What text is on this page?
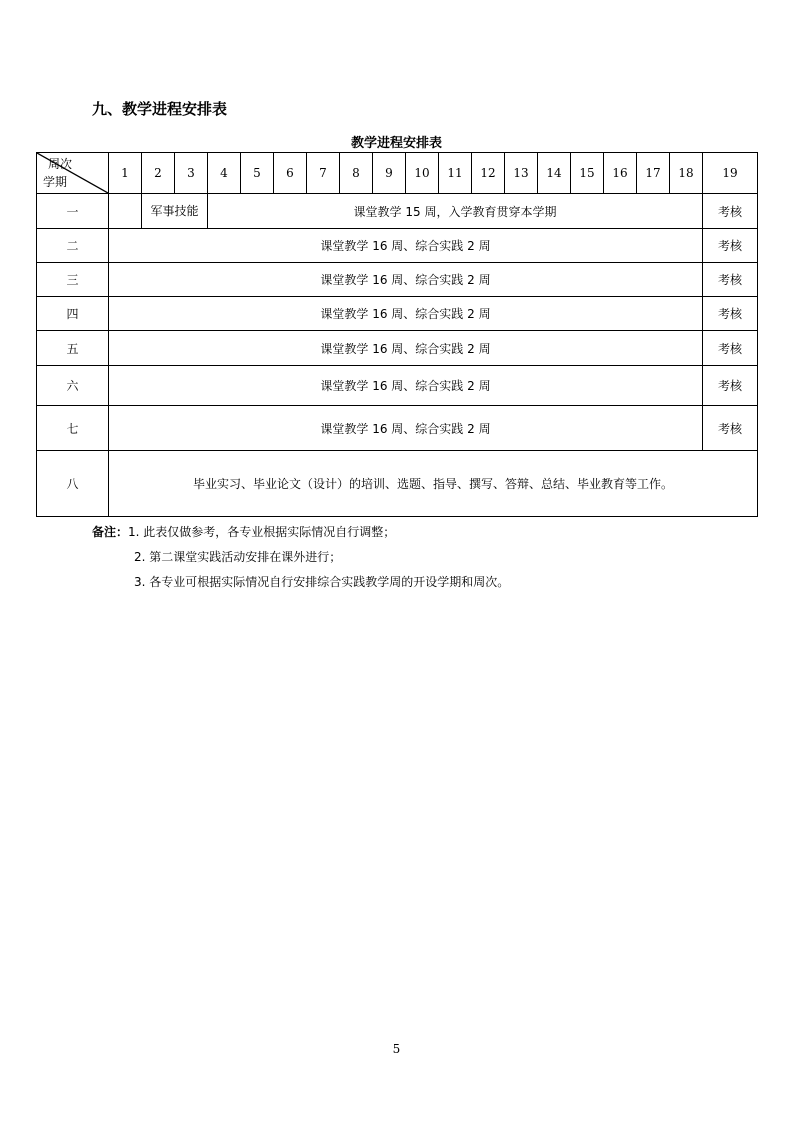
九、教学进程安排表
教学进程安排表
周次
学期	1	2	3	4	5	6	7	8	9	10	11	12	13	14	15	16	17	18	19
一		军事技能		课堂教学 15 周，入学教育贯穿本学期															考核
二	课堂教学 16 周、综合实践 2 周																		考核
三	课堂教学 16 周、综合实践 2 周																		考核
四	课堂教学 16 周、综合实践 2 周																		考核
五	课堂教学 16 周、综合实践 2 周																		考核
六	课堂教学 16 周、综合实践 2 周																		考核
七	课堂教学 16 周、综合实践 2 周																		考核
八	毕业实习、毕业论文（设计）的培训、选题、指导、撰写、答辩、总结、毕业教育等工作。																		
备注：1. 此表仅做参考，各专业根据实际情况自行调整；
2. 第二课堂实践活动安排在课外进行；
3. 各专业可根据实际情况自行安排综合实践教学周的开设学期和周次。
5
